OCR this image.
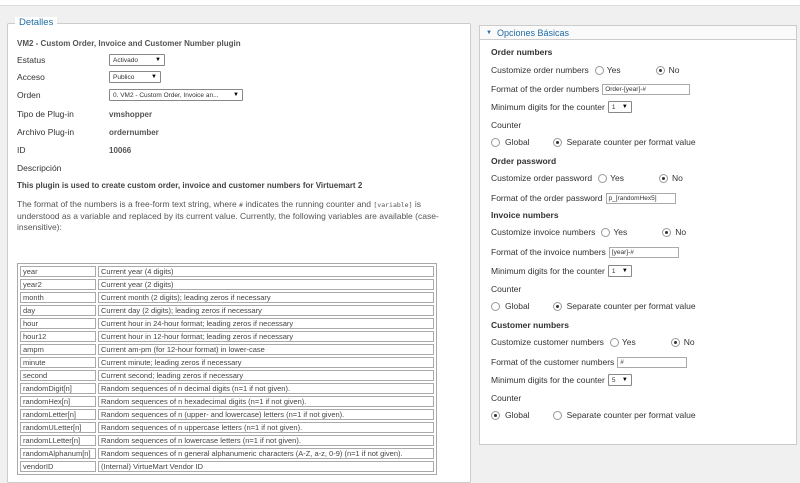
Detalles
VM2 - Custom Order, Invoice and Customer Number plugin
Estatus	Activado	▼
Acceso	Publico	▼
Orden	0. VM2 - Custom Order, Invoice an... ▼
Tipo de Plug-in	vmshopper
Archivo Plug-in	ordernumber
ID	10066
Descripción
This plugin is used to create custom order, invoice and customer numbers for Virtuemart 2
The format of the numbers is a free-form text string, where # indicates the running counter and [variable] is understood as a variable and replaced by its current value. Currently, the following variables are available (case-insensitive):
year	Current year (4 digits)
year2	Current year (2 digits)
month	Current month (2 digits); leading zeros if necessary
day	Current day (2 digits); leading zeros if necessary
hour	Current hour in 24-hour format; leading zeros if necessary
hour12	Current hour in 12-hour format; leading zeros if necessary
ampm	Current am-pm (for 12-hour format) in lower-case
minute	Current minute; leading zeros if necessary
second	Current second; leading zeros if necessary
randomDigit[n]	Random sequences of n decimal digits (n=1 if not given).
randomHex[n]	Random sequences of n hexadecimal digits (n=1 if not given).
randomLetter[n]	Random sequences of n (upper- and lowercase) letters (n=1 if not given).
randomULetter[n]	Random sequences of n uppercase letters (n=1 if not given).
randomLLetter[n]	Random sequences of n lowercase letters (n=1 if not given).
randomAlphanum[n]	Random sequences of n general alphanumeric characters (A-Z, a-z, 0-9) (n=1 if not given).
vendorID	(Internal) VirtueMart Vendor ID
▼ Opciones Básicas
Order numbers
Customize order numbers Yes	No
Format of the order numbers Order-[year]-#
Minimum digits for the counter 1 ▼
Counter
Global	Separate counter per format value
Order password
Customize order password Yes	No
Format of the order password p_[randomHex5]
Invoice numbers
Customize invoice numbers Yes	No
Format of the invoice numbers [year]-#
Minimum digits for the counter 1 ▼
Counter
Global	Separate counter per format value
Customer numbers
Customize customer numbers Yes	No
Format of the customer numbers #
Minimum digits for the counter 5 ▼
Counter
Global	Separate counter per format value
